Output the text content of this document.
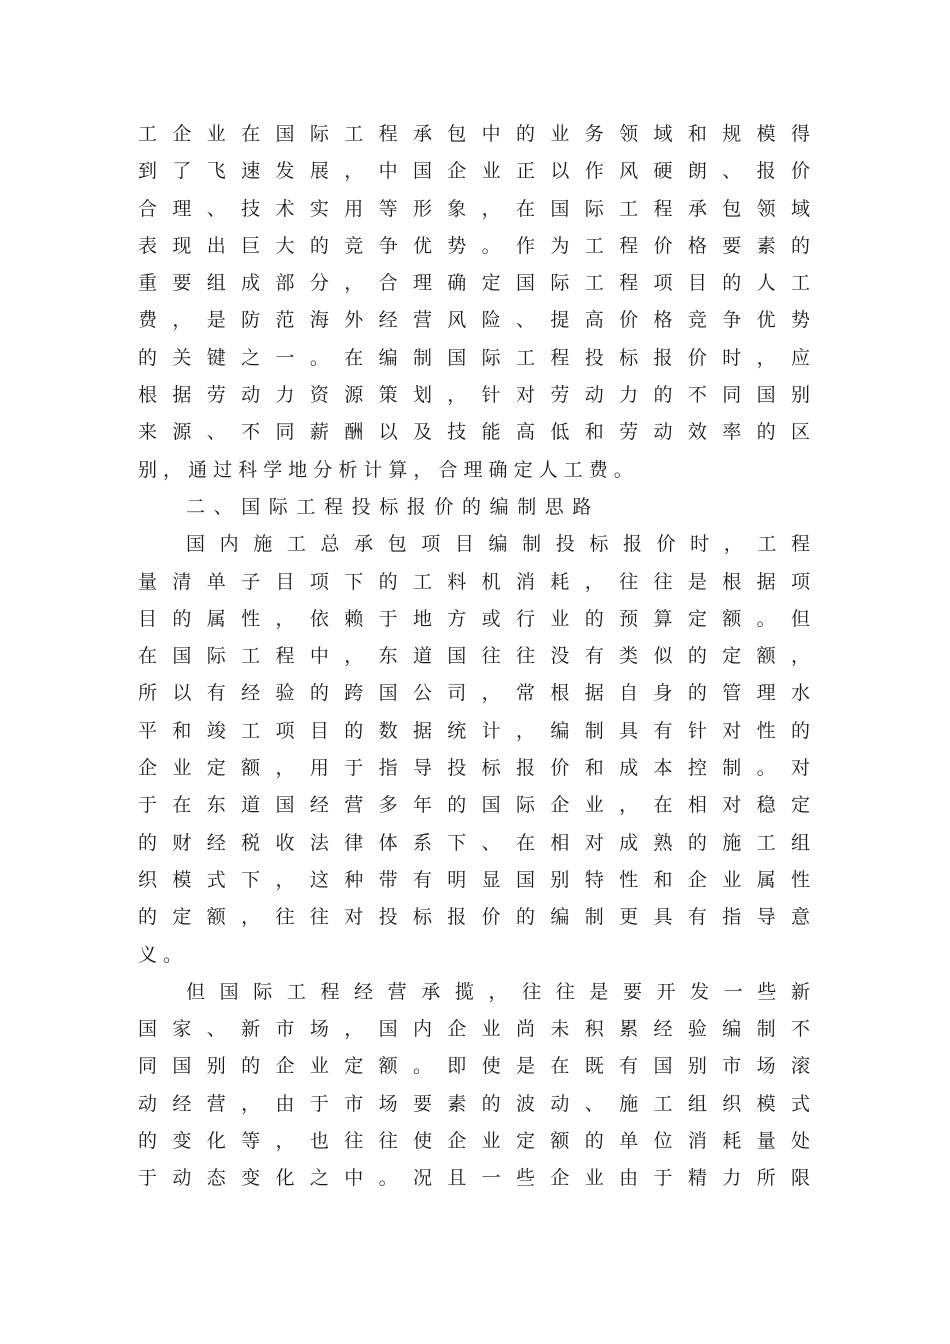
工 企 业 在 国 际 工 程 承 包 中 的 业 务 领 域 和 规 模 得
到 了 飞 速 发 展 ， 中 国 企 业 正 以 作 风 硬 朗 、 报 价
合 理 、 技 术 实 用 等 形 象 ， 在 国 际 工 程 承 包 领 域
表 现 出 巨 大 的 竞 争 优 势 。 作 为 工 程 价 格 要 素 的
重 要 组 成 部 分 ， 合 理 确 定 国 际 工 程 项 目 的 人 工
费 ， 是 防 范 海 外 经 营 风 险 、 提 高 价 格 竞 争 优 势
的 关 键 之 一 。 在 编 制 国 际 工 程 投 标 报 价 时 ， 应
根 据 劳 动 力 资 源 策 划 ， 针 对 劳 动 力 的 不 同 国 别
来 源 、 不 同 薪 酬 以 及 技 能 高 低 和 劳 动 效 率 的 区
别 ， 通 过 科 学 地 分 析 计 算 ， 合 理 确 定 人 工 费 。
二、国际工程投标报价的编制思路
国 内 施 工 总 承 包 项 目 编 制 投 标 报 价 时 ， 工 程
量 清 单 子 目 项 下 的 工 料 机 消 耗 ， 往 往 是 根 据 项
目 的 属 性 ， 依 赖 于 地 方 或 行 业 的 预 算 定 额 。 但
在 国 际 工 程 中 ， 东 道 国 往 往 没 有 类 似 的 定 额 ，
所 以 有 经 验 的 跨 国 公 司 ， 常 根 据 自 身 的 管 理 水
平 和 竣 工 项 目 的 数 据 统 计 ， 编 制 具 有 针 对 性 的
企 业 定 额 ， 用 于 指 导 投 标 报 价 和 成 本 控 制 。 对
于 在 东 道 国 经 营 多 年 的 国 际 企 业 ， 在 相 对 稳 定
的 财 经 税 收 法 律 体 系 下 、 在 相 对 成 熟 的 施 工 组
织 模 式 下 ， 这 种 带 有 明 显 国 别 特 性 和 企 业 属 性
的 定 额 ， 往 往 对 投 标 报 价 的 编 制 更 具 有 指 导 意
义 。
但 国 际 工 程 经 营 承 揽 ， 往 往 是 要 开 发 一 些 新
国 家 、 新 市 场 ， 国 内 企 业 尚 未 积 累 经 验 编 制 不
同 国 别 的 企 业 定 额 。 即 使 是 在 既 有 国 别 市 场 滚
动 经 营 ， 由 于 市 场 要 素 的 波 动 、 施 工 组 织 模 式
的 变 化 等 ， 也 往 往 使 企 业 定 额 的 单 位 消 耗 量 处
于 动 态 变 化 之 中 。 况 且 一 些 企 业 由 于 精 力 所 限
